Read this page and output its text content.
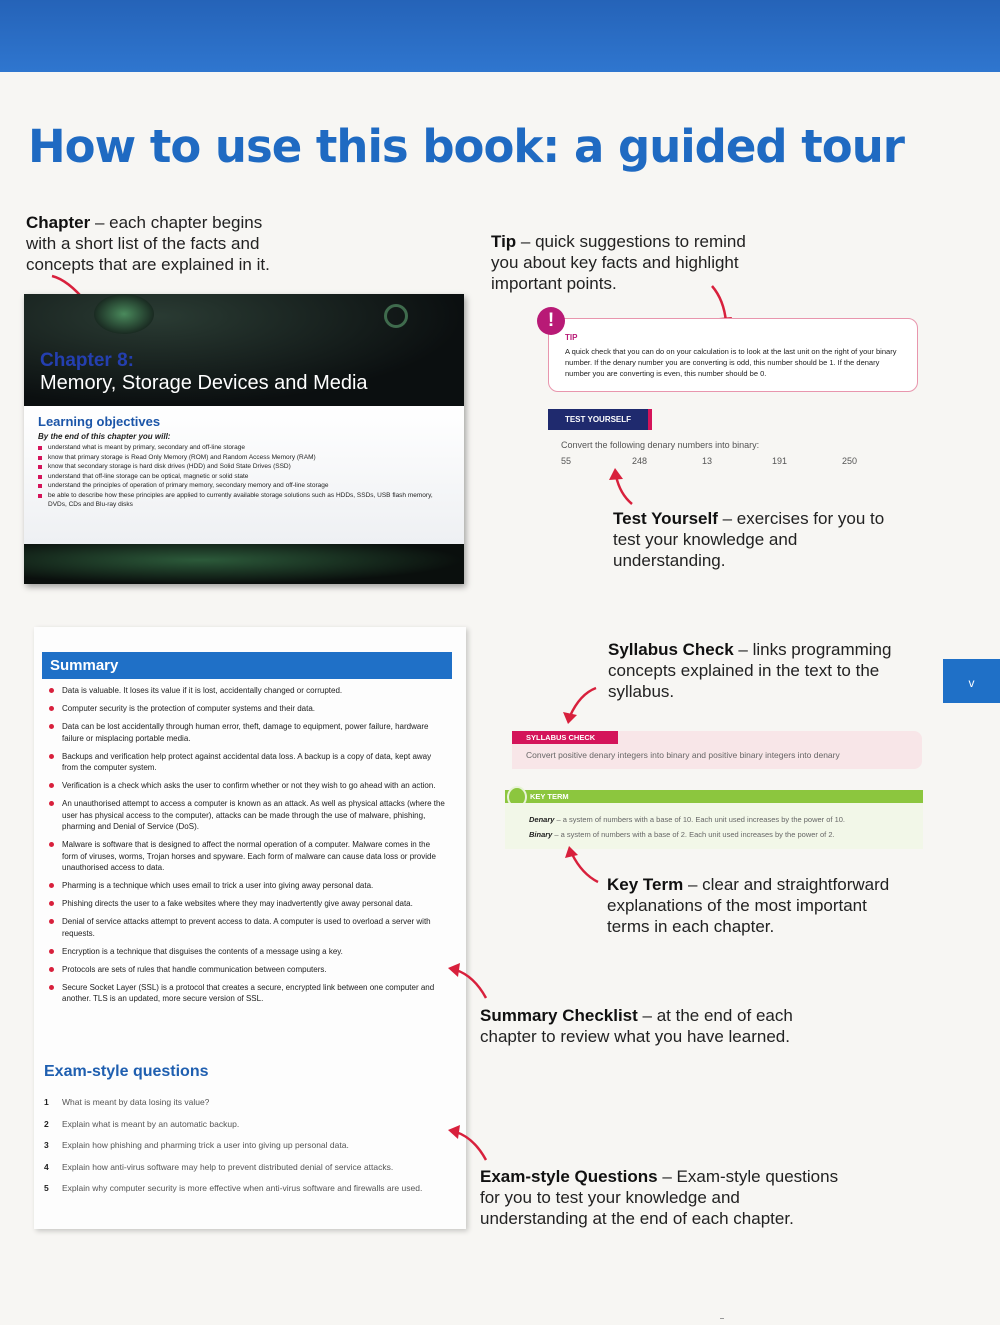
How to use this book: a guided tour

Chapter – each chapter begins with a short list of the facts and concepts that are explained in it.

Chapter 8:
Memory, Storage Devices and Media
Learning objectives
By the end of this chapter you will:
understand what is meant by primary, secondary and off-line storage
know that primary storage is Read Only Memory (ROM) and Random Access Memory (RAM)
know that secondary storage is hard disk drives (HDD) and Solid State Drives (SSD)
understand that off-line storage can be optical, magnetic or solid state
understand the principles of operation of primary memory, secondary memory and off-line storage
be able to describe how these principles are applied to currently available storage solutions such as HDDs, SSDs, USB flash memory, DVDs, CDs and Blu-ray disks

Tip – quick suggestions to remind you about key facts and highlight important points.

TIP
A quick check that you can do on your calculation is to look at the last unit on the right of your binary number. If the denary number you are converting is odd, this number should be 1. If the denary number you are converting is even, this number should be 0.
!
TEST YOURSELF
Convert the following denary numbers into binary:
55	248	13	191	250

Test Yourself – exercises for you to test your knowledge and understanding.

Summary
Data is valuable. It loses its value if it is lost, accidentally changed or corrupted.
Computer security is the protection of computer systems and their data.
Data can be lost accidentally through human error, theft, damage to equipment, power failure, hardware failure or misplacing portable media.
Backups and verification help protect against accidental data loss. A backup is a copy of data, kept away from the computer system.
Verification is a check which asks the user to confirm whether or not they wish to go ahead with an action.
An unauthorised attempt to access a computer is known as an attack. As well as physical attacks (where the user has physical access to the computer), attacks can be made through the use of malware, phishing, pharming and Denial of Service (DoS).
Malware is software that is designed to affect the normal operation of a computer. Malware comes in the form of viruses, worms, Trojan horses and spyware. Each form of malware can cause data loss or provide unauthorised access to data.
Pharming is a technique which uses email to trick a user into giving away personal data.
Phishing directs the user to a fake websites where they may inadvertently give away personal data.
Denial of service attacks attempt to prevent access to data. A computer is used to overload a server with requests.
Encryption is a technique that disguises the contents of a message using a key.
Protocols are sets of rules that handle communication between computers.
Secure Socket Layer (SSL) is a protocol that creates a secure, encrypted link between one computer and another. TLS is an updated, more secure version of SSL.
Exam-style questions
1 What is meant by data losing its value?
2 Explain what is meant by an automatic backup.
3 Explain how phishing and pharming trick a user into giving up personal data.
4 Explain how anti-virus software may help to prevent distributed denial of service attacks.
5 Explain why computer security is more effective when anti-virus software and firewalls are used.

Syllabus Check – links programming concepts explained in the text to the syllabus.

SYLLABUS CHECK
Convert positive denary integers into binary and positive binary integers into denary
KEY TERM
Denary – a system of numbers with a base of 10. Each unit used increases by the power of 10.
Binary – a system of numbers with a base of 2. Each unit used increases by the power of 2.

Key Term – clear and straightforward explanations of the most important terms in each chapter.

Summary Checklist – at the end of each chapter to review what you have learned.

Exam-style Questions – Exam-style questions for you to test your knowledge and understanding at the end of each chapter.

v
